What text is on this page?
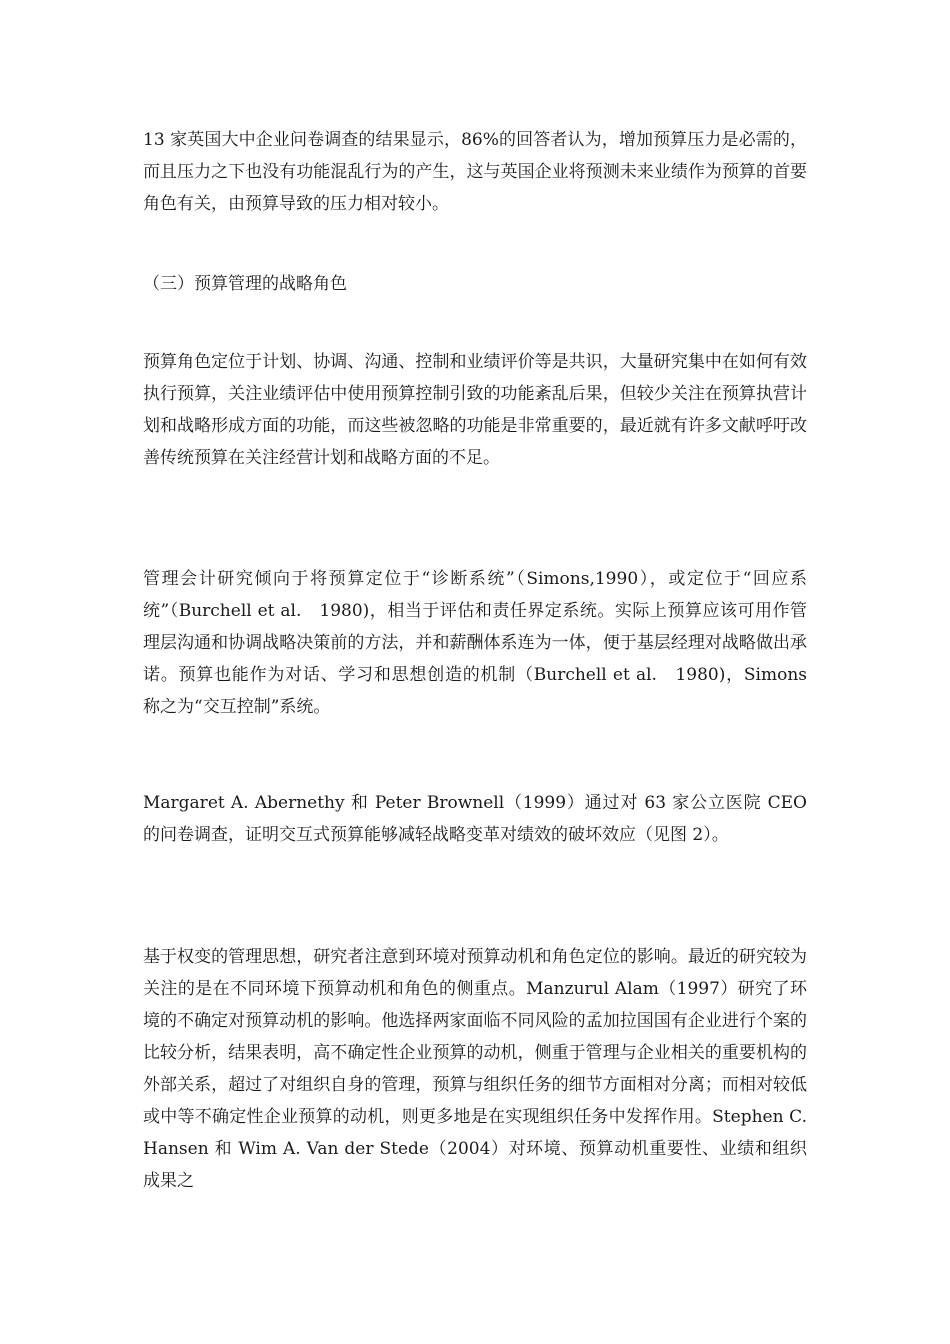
13 家英国大中企业问卷调查的结果显示，86%的回答者认为，增加预算压力是必需的，而且压力之下也没有功能混乱行为的产生，这与英国企业将预测未来业绩作为预算的首要角色有关，由预算导致的压力相对较小。

（三）预算管理的战略角色

预算角色定位于计划、协调、沟通、控制和业绩评价等是共识，大量研究集中在如何有效执行预算，关注业绩评估中使用预算控制引致的功能紊乱后果，但较少关注在预算执营计划和战略形成方面的功能，而这些被忽略的功能是非常重要的，最近就有许多文献呼吁改善传统预算在关注经营计划和战略方面的不足。

管理会计研究倾向于将预算定位于“诊断系统”（Simons,1990），或定位于“回应系统”（Burchell et al.　1980)，相当于评估和责任界定系统。实际上预算应该可用作管理层沟通和协调战略决策前的方法，并和薪酬体系连为一体，便于基层经理对战略做出承诺。预算也能作为对话、学习和思想创造的机制（Burchell et al.　1980)，Simons 称之为“交互控制”系统。

Margaret A. Abernethy 和 Peter Brownell（1999）通过对 63 家公立医院 CEO 的问卷调查，证明交互式预算能够减轻战略变革对绩效的破坏效应（见图 2）。

基于权变的管理思想，研究者注意到环境对预算动机和角色定位的影响。最近的研究较为关注的是在不同环境下预算动机和角色的侧重点。Manzurul Alam（1997）研究了环境的不确定对预算动机的影响。他选择两家面临不同风险的孟加拉国国有企业进行个案的比较分析，结果表明，高不确定性企业预算的动机，侧重于管理与企业相关的重要机构的外部关系，超过了对组织自身的管理，预算与组织任务的细节方面相对分离；而相对较低或中等不确定性企业预算的动机，则更多地是在实现组织任务中发挥作用。Stephen C. Hansen 和 Wim A. Van der Stede（2004）对环境、预算动机重要性、业绩和组织成果之
